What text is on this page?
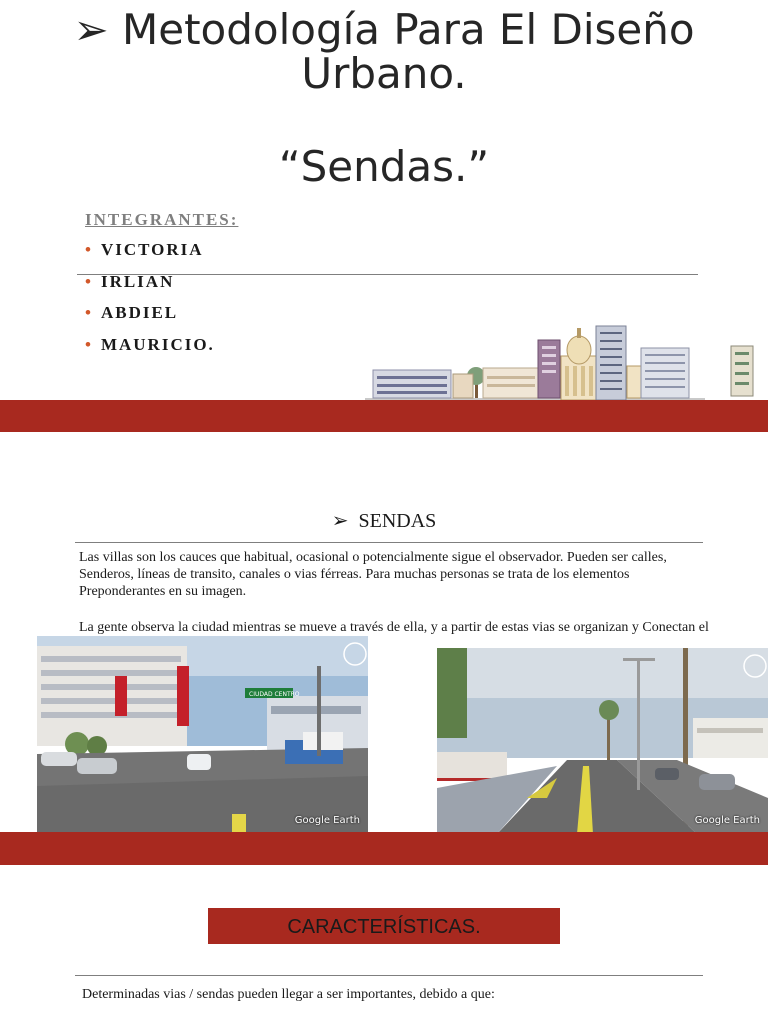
➢ Metodología Para El Diseño
Urbano.
“Sendas.”
INTEGRANTES:
• VICTORIA
• IRLIAN
• ABDIEL
• MAURICIO.
➢ SENDAS
Las villas son los cauces que habitual, ocasional o potencialmente sigue el observador. Pueden ser calles, Senderos, líneas de transito, canales o vias férreas. Para muchas personas se trata de los elementos Preponderantes en su imagen.
La gente observa la ciudad mientras se mueve a través de ella, y a partir de estas vias se organizan y Conectan el
CIUDAD CENTRO
Google Earth	Google Earth
CARACTERÍSTICAS.
Determinadas vias / sendas pueden llegar a ser importantes, debido a que:
